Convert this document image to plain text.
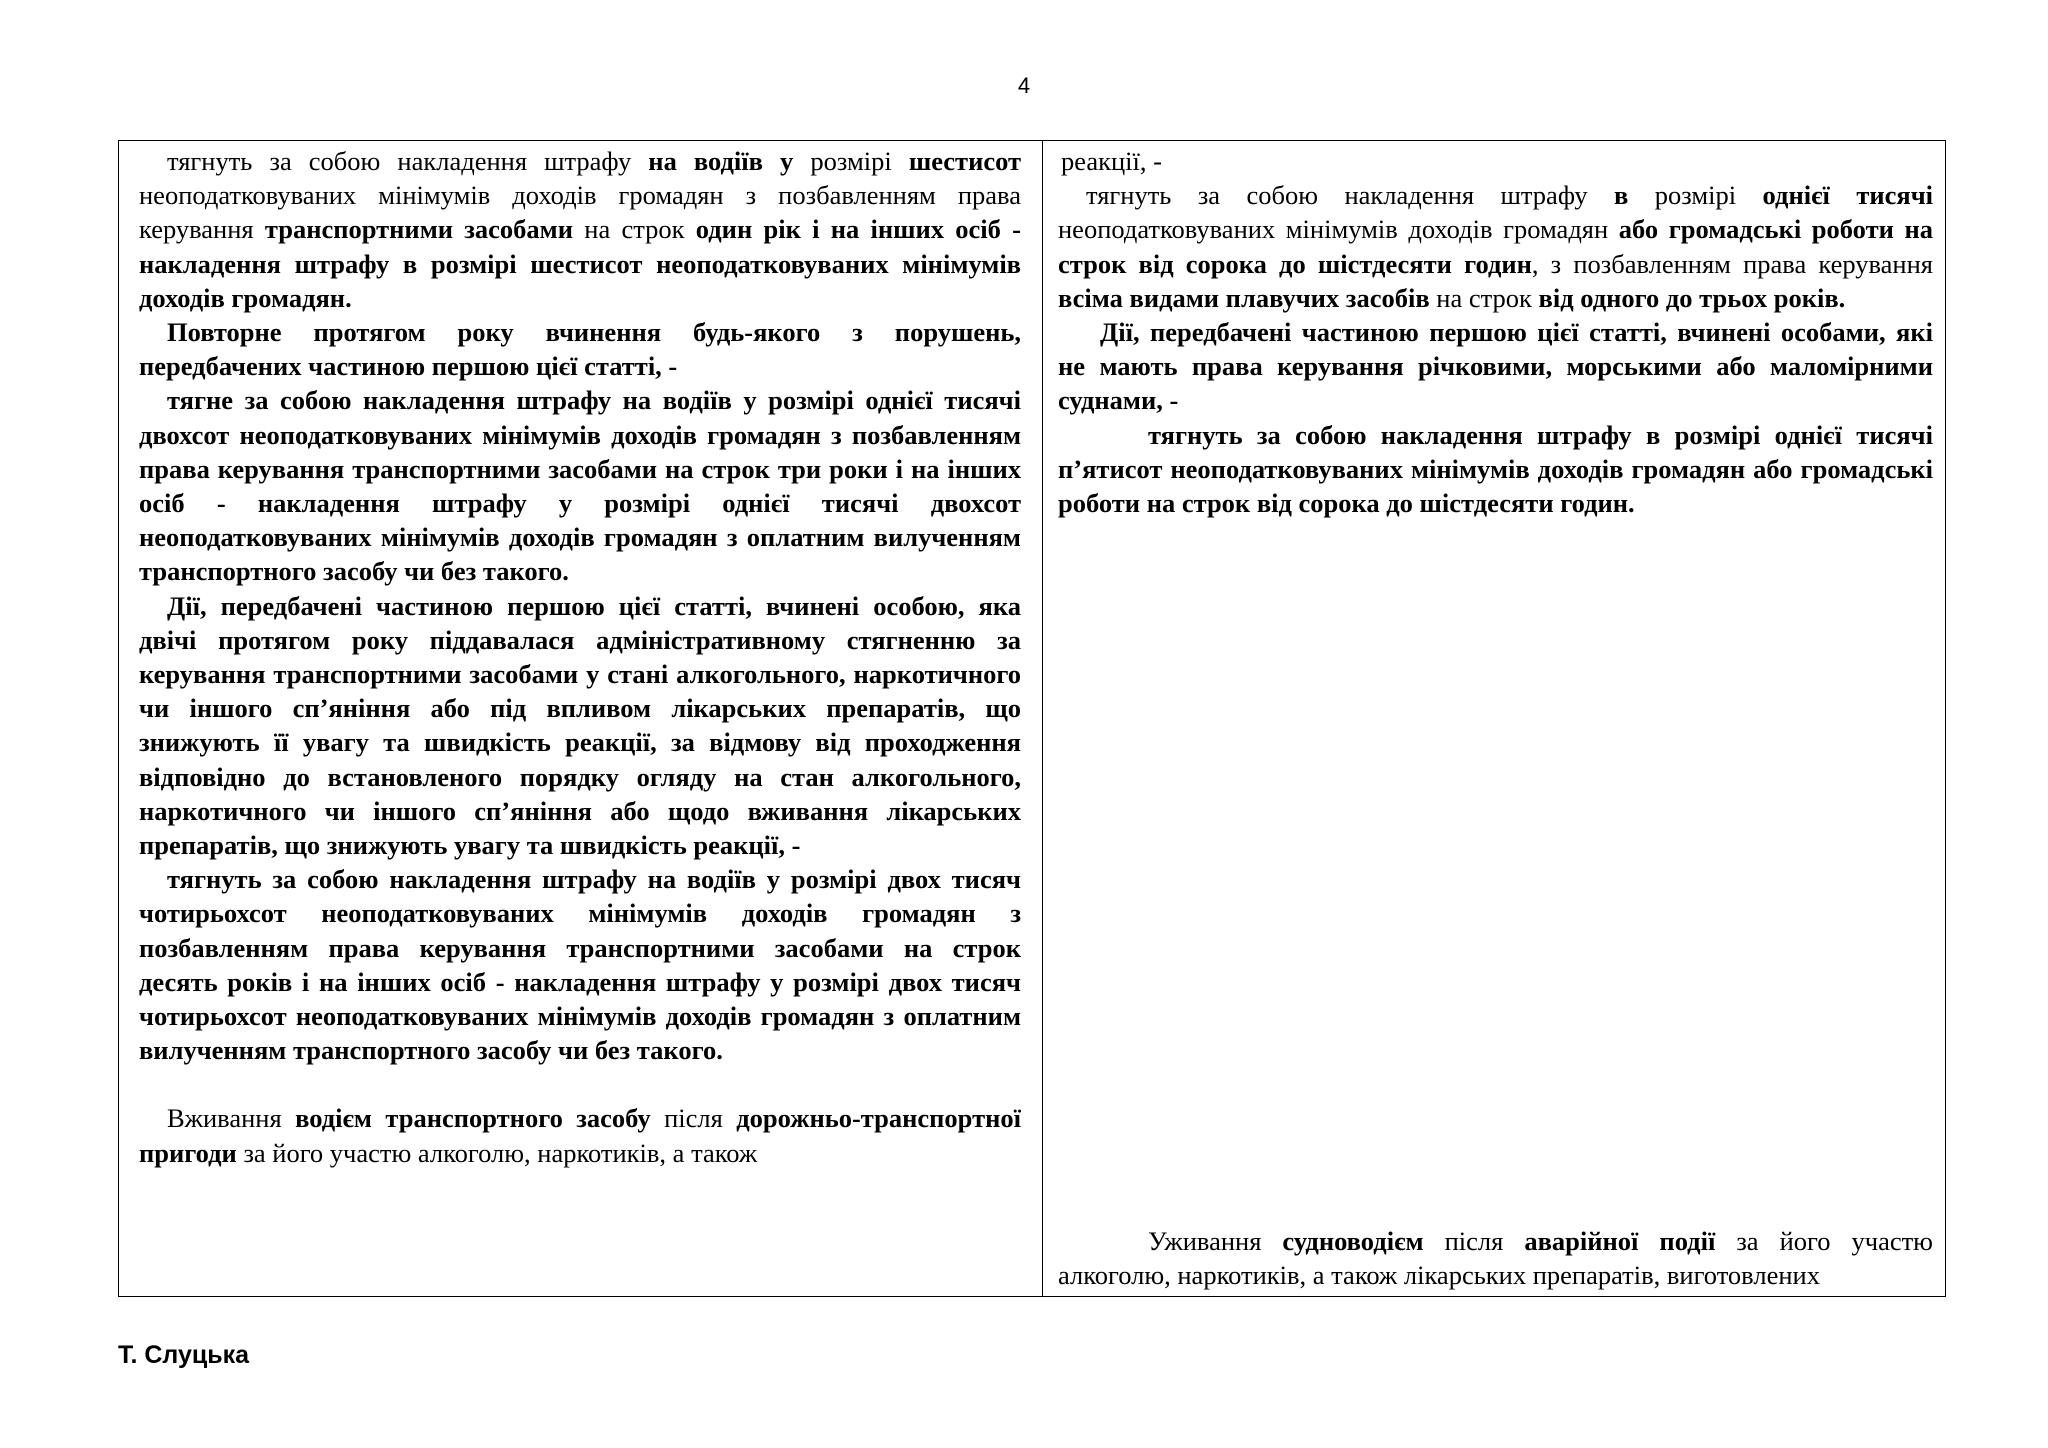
4

тягнуть за собою накладення штрафу на водіїв у розмірі шестисот неоподатковуваних мінімумів доходів громадян з позбавленням права керування транспортними засобами на строк один рік і на інших осіб - накладення штрафу в розмірі шестисот неоподатковуваних мінімумів доходів громадян.

Повторне протягом року вчинення будь-якого з порушень, передбачених частиною першою цієї статті, -

тягне за собою накладення штрафу на водіїв у розмірі однієї тисячі двохсот неоподатковуваних мінімумів доходів громадян з позбавленням права керування транспортними засобами на строк три роки і на інших осіб - накладення штрафу у розмірі однієї тисячі двохсот неоподатковуваних мінімумів доходів громадян з оплатним вилученням транспортного засобу чи без такого.

Дії, передбачені частиною першою цієї статті, вчинені особою, яка двічі протягом року піддавалася адміністративному стягненню за керування транспортними засобами у стані алкогольного, наркотичного чи іншого сп’яніння або під впливом лікарських препаратів, що знижують її увагу та швидкість реакції, за відмову від проходження відповідно до встановленого порядку огляду на стан алкогольного, наркотичного чи іншого сп’яніння або щодо вживання лікарських препаратів, що знижують увагу та швидкість реакції, -

тягнуть за собою накладення штрафу на водіїв у розмірі двох тисяч чотирьохсот неоподатковуваних мінімумів доходів громадян з позбавленням права керування транспортними засобами на строк десять років і на інших осіб - накладення штрафу у розмірі двох тисяч чотирьохсот неоподатковуваних мінімумів доходів громадян з оплатним вилученням транспортного засобу чи без такого.

Вживання водієм транспортного засобу після дорожньо-транспортної пригоди за його участю алкоголю, наркотиків, а також

реакції, -

тягнуть за собою накладення штрафу в розмірі однієї тисячі неоподатковуваних мінімумів доходів громадян або громадські роботи на строк від сорока до шістдесяти годин, з позбавленням права керування всіма видами плавучих засобів на строк від одного до трьох років.

Дії, передбачені частиною першою цієї статті, вчинені особами, які не мають права керування річковими, морськими або маломірними суднами, -

тягнуть за собою накладення штрафу в розмірі однієї тисячі п’ятисот неоподатковуваних мінімумів доходів громадян або громадські роботи на строк від сорока до шістдесяти годин.

Уживання судноводієм після аварійної події за його участю алкоголю, наркотиків, а також лікарських препаратів, виготовлених

Т. Слуцька
